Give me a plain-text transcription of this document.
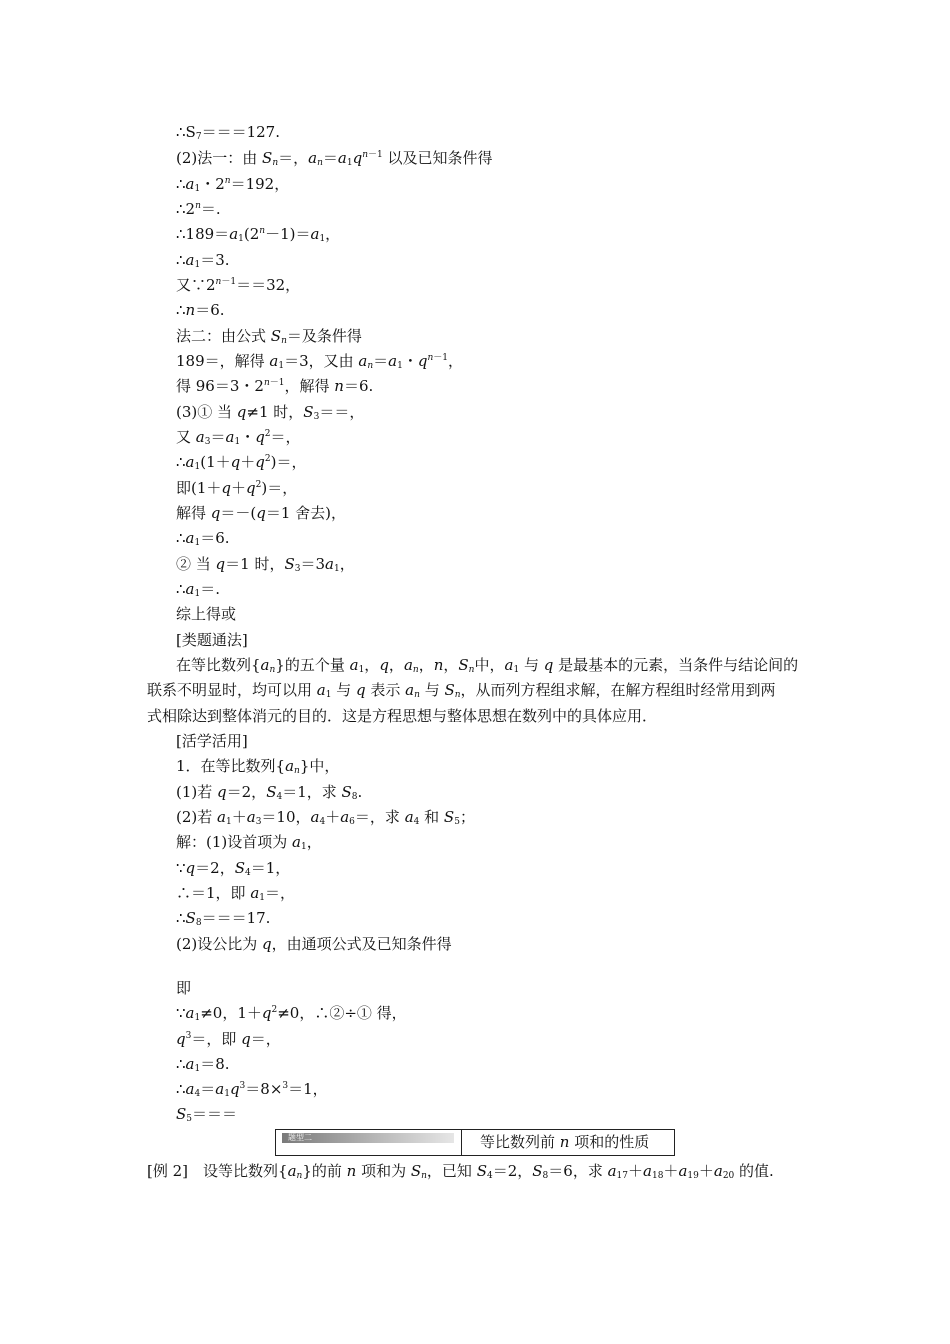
$\therefore S_7===127$.
(2)法一：由 $S_n=$，$a_n=a_1q^{n-1}$ 以及已知条件得
$\therefore a_1$・$2^n=192$，
$\therefore 2^n=$.
$\therefore 189=a_1(2^n-1)=a_1$，
$\therefore a_1=3$.
又$\because 2^{n-1}==32$，
∴n＝6.
法二：由公式 $S_n=$及条件得
189＝，解得 $a_1=3$，又由 $a_n=a_1$・$q^{n-1}$，
得 96＝3・$2^{n-1}$，解得 n＝6.
(3)① 当 q≠1 时，$S_3==$，
又 $a_3=a_1$・$q^2=$，
$\therefore a_1(1+q+q^2)=$，
即$(1+q+q^2)=$，
解得 q＝－(q＝1 舍去)，
$\therefore a_1=6$.
② 当 q＝1 时，$S_3=3a_1$，
$\therefore a_1=$.
综上得或
[类题通法]
在等比数列$\{a_n\}$的五个量 $a_1$，q，$a_n$，n，$S_n$中，$a_1$ 与 q 是最基本的元素，当条件与结论间的
联系不明显时，均可以用 $a_1$ 与 q 表示 $a_n$ 与 $S_n$，从而列方程组求解，在解方程组时经常用到两
式相除达到整体消元的目的．这是方程思想与整体思想在数列中的具体应用．
[活学活用]
1．在等比数列$\{a_n\}$中，
(1)若 q＝2，$S_4=1$，求 $S_8$.
(2)若 $a_1+a_3=10$，$a_4+a_6=$，求 $a_4$ 和 $S_5$；
解：(1)设首项为 $a_1$，
∵q＝2，$S_4=1$，
∴＝1，即 $a_1=$，
$\therefore S_8===17$.
(2)设公比为 q，由通项公式及已知条件得
即
$\because a_1\ne 0$，$1+q^2\ne 0$，∴②÷① 得，
$q^3=$，即 q＝，
$\therefore a_1=8$.
$\therefore a_4=a_1q^3=8\times^3=1$，
$S_5===$
题型二	等比数列前 n 项和的性质
[例 2]　设等比数列$\{a_n\}$的前 n 项和为 $S_n$，已知 $S_4=2$，$S_8=6$，求 $a_{17}+a_{18}+a_{19}+a_{20}$ 的值.
